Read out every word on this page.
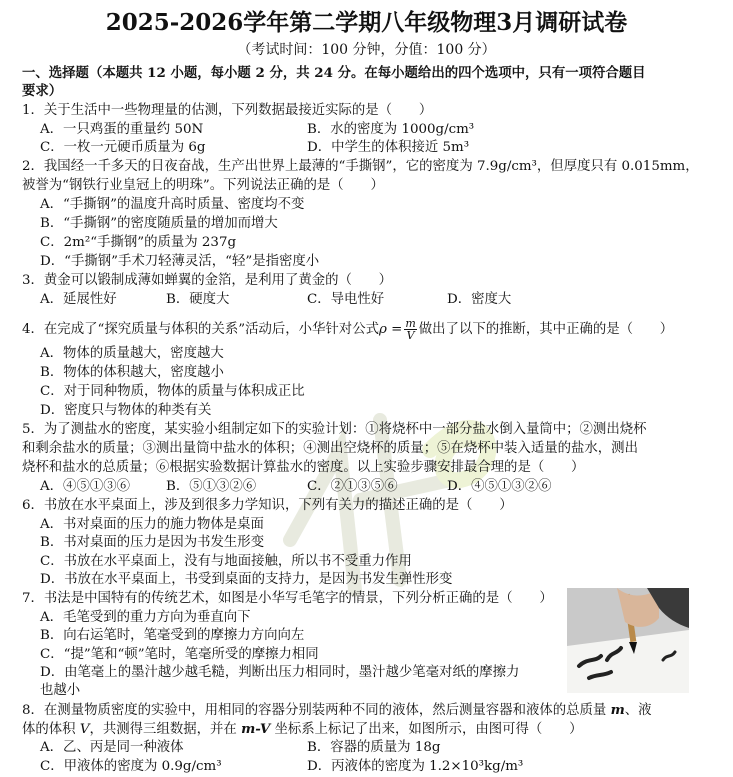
2025-2026学年第二学期八年级物理3月调研试卷
（考试时间：100 分钟，分值：100 分）
一、选择题（本题共 12 小题，每小题 2 分，共 24 分。在每小题给出的四个选项中，只有一项符合题目
要求）
1．关于生活中一些物理量的估测，下列数据最接近实际的是（　　）
A．一只鸡蛋的重量约 50N	B．水的密度为 1000g/cm³
C．一枚一元硬币质量为 6g	D．中学生的体积接近 5m³
2．我国经一千多天的日夜奋战，生产出世界上最薄的“手撕钢”，它的密度为 7.9g/cm³，但厚度只有 0.015mm，
被誉为“钢铁行业皇冠上的明珠”。下列说法正确的是（　　）
A．“手撕钢”的温度升高时质量、密度均不变
B．“手撕钢”的密度随质量的增加而增大
C．2m²“手撕钢”的质量为 237g
D．“手撕钢”手术刀轻薄灵活，“轻”是指密度小
3．黄金可以锻制成薄如蝉翼的金箔，是利用了黄金的（　　）
A．延展性好	B．硬度大	C．导电性好	D．密度大
4．在完成了“探究质量与体积的关系”活动后，小华针对公式$\rho = \frac{m}{V}$ 做出了以下的推断，其中正确的是（　　）
A．物体的质量越大，密度越大
B．物体的体积越大，密度越小
C．对于同种物质，物体的质量与体积成正比
D．密度只与物体的种类有关
5．为了测盐水的密度，某实验小组制定如下的实验计划：①将烧杯中一部分盐水倒入量筒中；②测出烧杯
和剩余盐水的质量；③测出量筒中盐水的体积；④测出空烧杯的质量；⑤在烧杯中装入适量的盐水，测出
烧杯和盐水的总质量；⑥根据实验数据计算盐水的密度。以上实验步骤安排最合理的是（　　）
A．④⑤①③⑥	B．⑤①③②⑥	C．②①③⑤⑥	D．④⑤①③②⑥
6．书放在水平桌面上，涉及到很多力学知识，下列有关力的描述正确的是（　　）
A．书对桌面的压力的施力物体是桌面
B．书对桌面的压力是因为书发生形变
C．书放在水平桌面上，没有与地面接触，所以书不受重力作用
D．书放在水平桌面上，书受到桌面的支持力，是因为书发生弹性形变
7．书法是中国特有的传统艺术，如图是小华写毛笔字的情景，下列分析正确的是（　　）
A．毛笔受到的重力方向为垂直向下
B．向右运笔时，笔毫受到的摩擦力方向向左
C．“提”笔和“顿”笔时，笔毫所受的摩擦力相同
D．由笔毫上的墨汁越少越毛糙，判断出压力相同时，墨汁越少笔毫对纸的摩擦力
也越小
8．在测量物质密度的实验中，用相同的容器分别装两种不同的液体，然后测量容器和液体的总质量 m、液
体的体积 V，共测得三组数据，并在 m-V 坐标系上标记了出来，如图所示，由图可得（　　）
A．乙、丙是同一种液体	B．容器的质量为 18g
C．甲液体的密度为 0.9g/cm³	D．丙液体的密度为 1.2×10³kg/m³
